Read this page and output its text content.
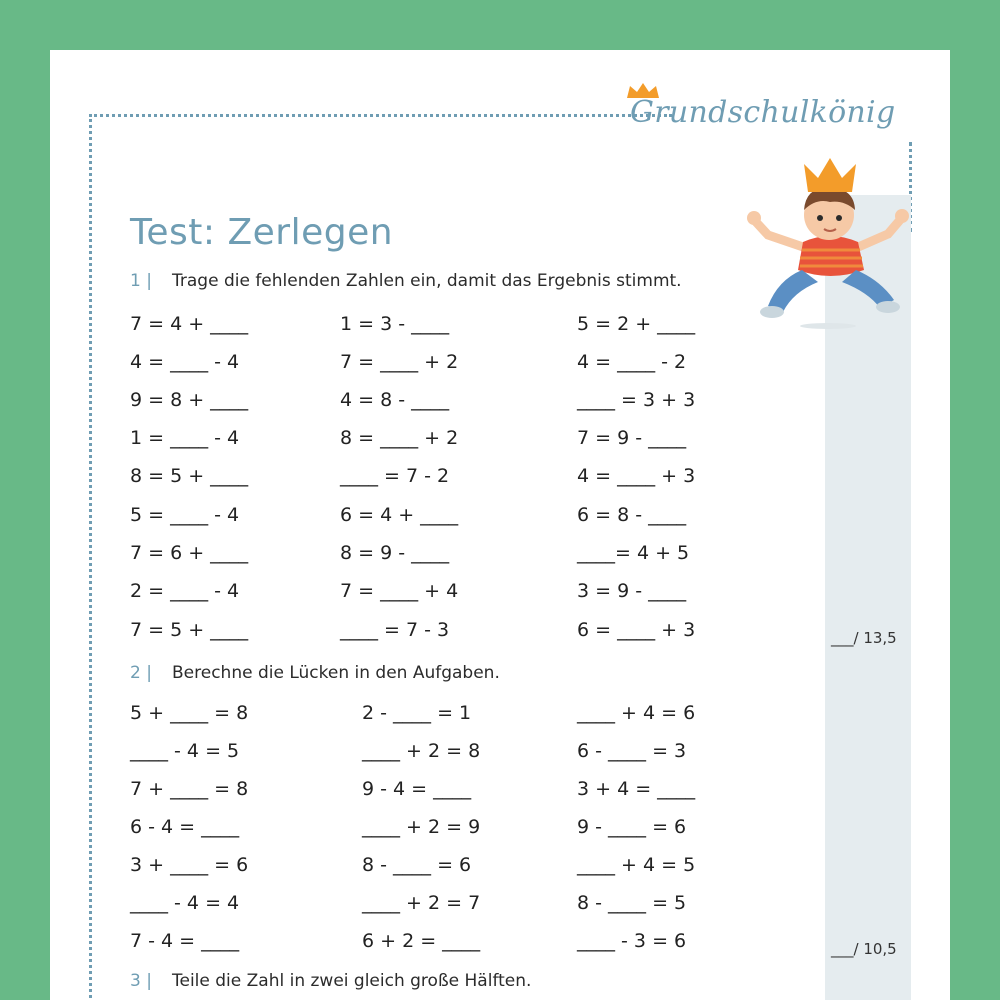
Grundschulkönig
Test: Zerlegen
1 | Trage die fehlenden Zahlen ein, damit das Ergebnis stimmt.
7 = 4 + ____
4 = ____ - 4
9 = 8 + ____
1 = ____ - 4
8 = 5 + ____
5 = ____ - 4
7 = 6 + ____
2 = ____ - 4
7 = 5 + ____
1 = 3 - ____
7 = ____ + 2
4 = 8 - ____
8 = ____ + 2
____ = 7 - 2
6 = 4 + ____
8 = 9 - ____
7 = ____ + 4
____ = 7 - 3
5 = 2 + ____
4 = ____ - 2
____ = 3 + 3
7 = 9 - ____
4 = ____ + 3
6 = 8 - ____
____= 4 + 5
3 = 9 - ____
6 = ____ + 3	___/ 13,5
2 | Berechne die Lücken in den Aufgaben.
5 + ____ = 8
____ - 4 = 5
7 + ____ = 8
6 - 4 = ____
3 + ____ = 6
____ - 4 = 4
7 - 4 = ____
2 - ____ = 1
____ + 2 = 8
9 - 4 = ____
____ + 2 = 9
8 - ____ = 6
____ + 2 = 7
6 + 2 = ____
____ + 4 = 6
6 - ____ = 3
3 + 4 = ____
9 - ____ = 6
____ + 4 = 5
8 - ____ = 5
____ - 3 = 6	___/ 10,5
3 | Teile die Zahl in zwei gleich große Hälften.
